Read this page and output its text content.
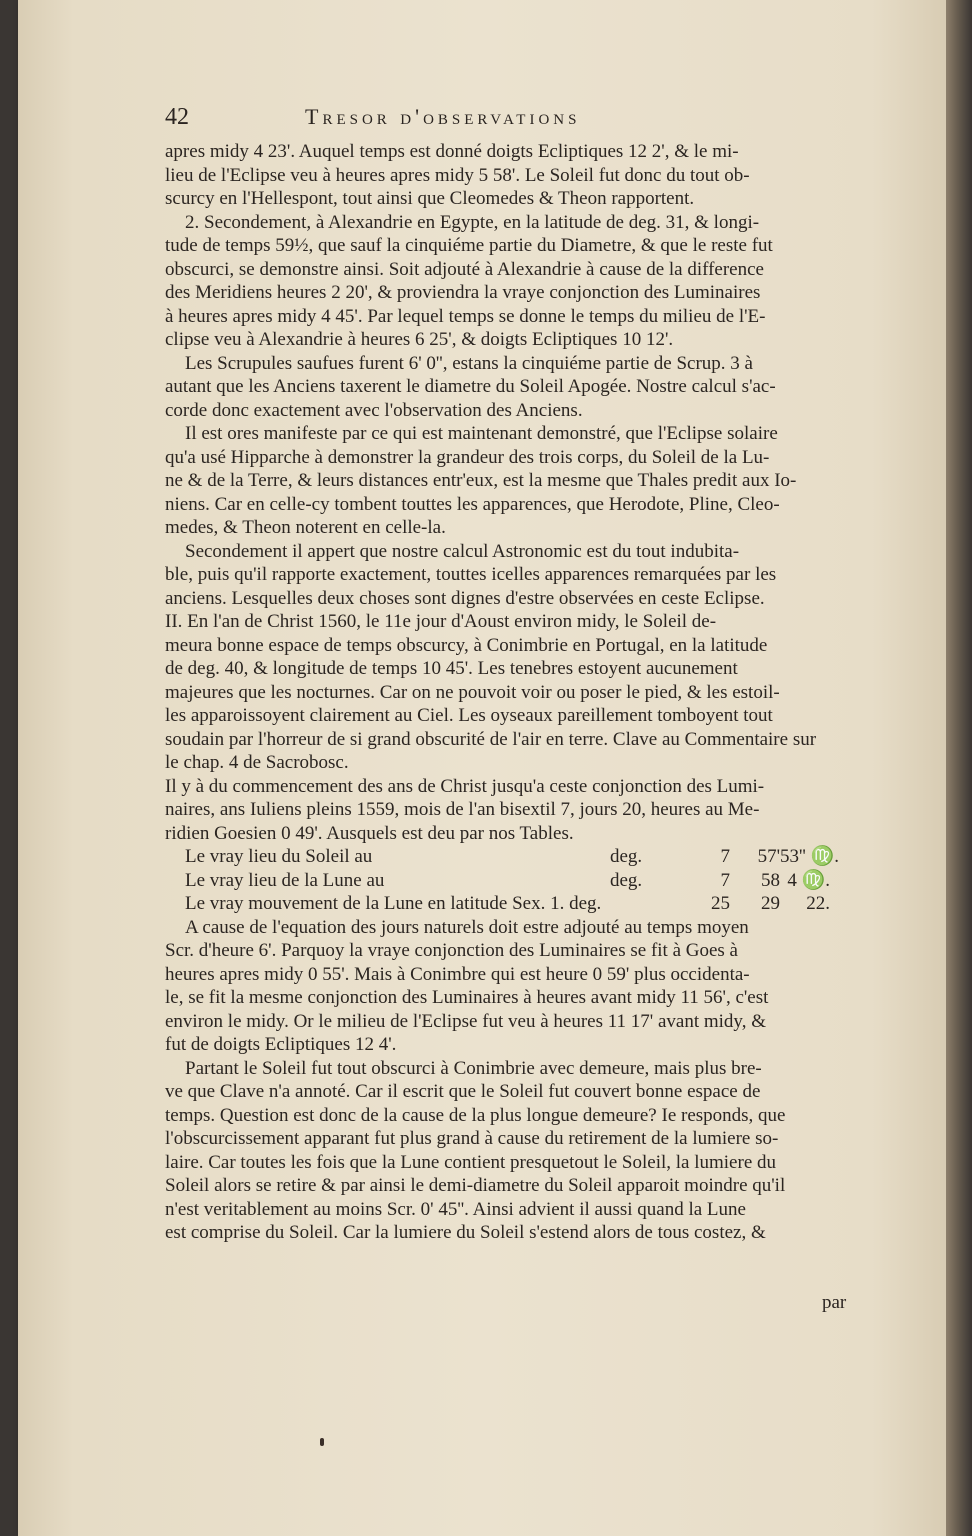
42	Tresor d'observations
apres midy 4 23'. Auquel temps est donné doigts Ecliptiques 12 2', & le mi-
lieu de l'Eclipse veu à heures apres midy 5 58'. Le Soleil fut donc du tout ob-
scurcy en l'Hellespont, tout ainsi que Cleomedes & Theon rapportent.
2. Secondement, à Alexandrie en Egypte, en la latitude de deg. 31, & longi-
tude de temps 59½, que sauf la cinquiéme partie du Diametre, & que le reste fut
obscurci, se demonstre ainsi. Soit adjouté à Alexandrie à cause de la difference
des Meridiens heures 2 20', & proviendra la vraye conjonction des Luminaires
à heures apres midy 4 45'. Par lequel temps se donne le temps du milieu de l'E-
clipse veu à Alexandrie à heures 6 25', & doigts Ecliptiques 10 12'.
Les Scrupules saufues furent 6' 0'', estans la cinquiéme partie de Scrup. 3 à
autant que les Anciens taxerent le diametre du Soleil Apogée. Nostre calcul s'ac-
corde donc exactement avec l'observation des Anciens.
Il est ores manifeste par ce qui est maintenant demonstré, que l'Eclipse solaire
qu'a usé Hipparche à demonstrer la grandeur des trois corps, du Soleil de la Lu-
ne & de la Terre, & leurs distances entr'eux, est la mesme que Thales predit aux Io-
niens. Car en celle-cy tombent touttes les apparences, que Herodote, Pline, Cleo-
medes, & Theon noterent en celle-la.
Secondement il appert que nostre calcul Astronomic est du tout indubita-
ble, puis qu'il rapporte exactement, touttes icelles apparences remarquées par les
anciens. Lesquelles deux choses sont dignes d'estre observées en ceste Eclipse.
II. En l'an de Christ 1560, le 11e jour d'Aoust environ midy, le Soleil de-
meura bonne espace de temps obscurcy, à Conimbrie en Portugal, en la latitude
de deg. 40, & longitude de temps 10 45'. Les tenebres estoyent aucunement
majeures que les nocturnes. Car on ne pouvoit voir ou poser le pied, & les estoil-
les apparoissoyent clairement au Ciel. Les oyseaux pareillement tomboyent tout
soudain par l'horreur de si grand obscurité de l'air en terre. Clave au Commentaire sur
le chap. 4 de Sacrobosc.
Il y à du commencement des ans de Christ jusqu'a ceste conjonction des Lumi-
naires, ans Iuliens pleins 1559, mois de l'an bisextil 7, jours 20, heures au Me-
ridien Goesien 0 49'. Ausquels est deu par nos Tables.
Le vray lieu du Soleil au	deg.	7 57'53'' ♍.
Le vray lieu de la Lune au	deg.	7 58 4 ♍.
Le vray mouvement de la Lune en latitude Sex. 1. deg.	25 29 22.
A cause de l'equation des jours naturels doit estre adjouté au temps moyen
Scr. d'heure 6'. Parquoy la vraye conjonction des Luminaires se fit à Goes à
heures apres midy 0 55'. Mais à Conimbre qui est heure 0 59' plus occidenta-
le, se fit la mesme conjonction des Luminaires à heures avant midy 11 56', c'est
environ le midy. Or le milieu de l'Eclipse fut veu à heures 11 17' avant midy, &
fut de doigts Ecliptiques 12 4'.
Partant le Soleil fut tout obscurci à Conimbrie avec demeure, mais plus bre-
ve que Clave n'a annoté. Car il escrit que le Soleil fut couvert bonne espace de
temps. Question est donc de la cause de la plus longue demeure? Ie responds, que
l'obscurcissement apparant fut plus grand à cause du retirement de la lumiere so-
laire. Car toutes les fois que la Lune contient presquetout le Soleil, la lumiere du
Soleil alors se retire & par ainsi le demi-diametre du Soleil apparoit moindre qu'il
n'est veritablement au moins Scr. 0' 45''. Ainsi advient il aussi quand la Lune
est comprise du Soleil. Car la lumiere du Soleil s'estend alors de tous costez, &
par
